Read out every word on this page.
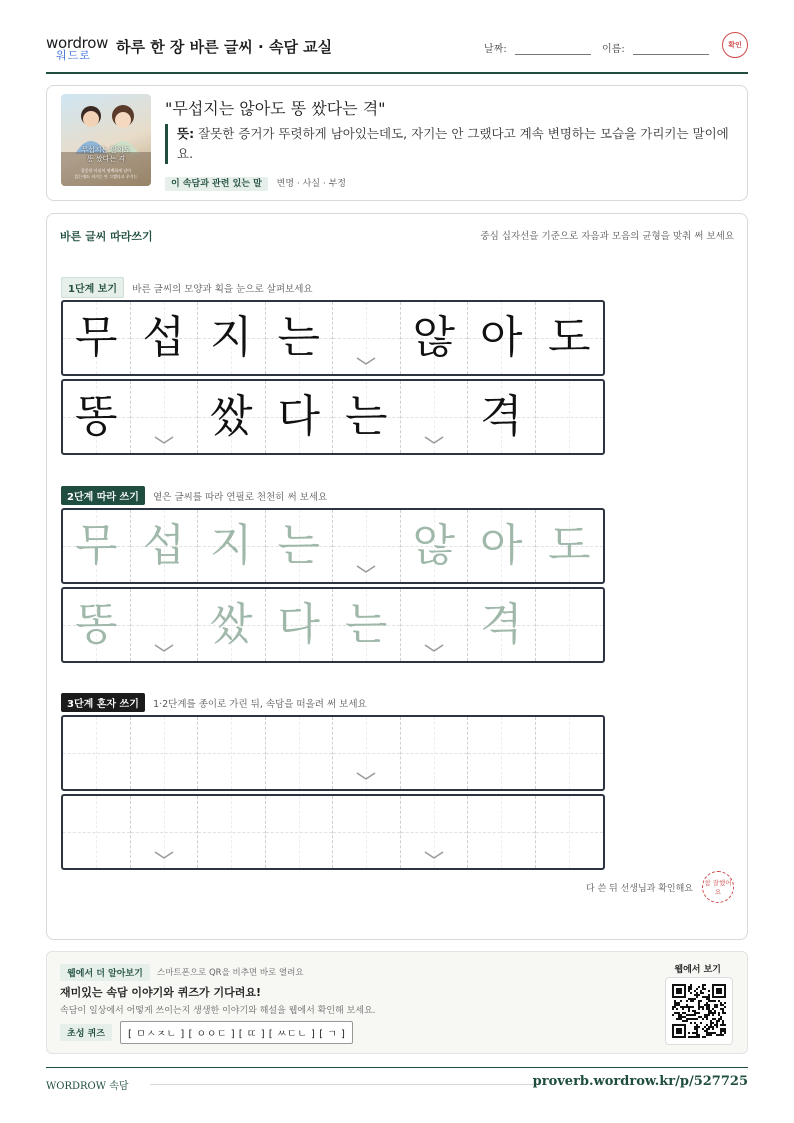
wordrow
워드로 하루 한 장 바른 글씨 · 속담 교실	날짜:	이름:	확인
무섭지는 않아도
똥 쌌다는 격
잘못한 사실이 명백하게 남아
있는데도 자기는 안 그랬다고 우기는
"무섭지는 않아도 똥 쌌다는 격"
뜻: 잘못한 증거가 뚜렷하게 남아있는데도, 자기는 안 그랬다고 계속 변명하는 모습을 가리키는 말이에요.
이 속담과 관련 있는 말 변명 · 사실 · 부정
바른 글씨 따라쓰기	중심 십자선을 기준으로 자음과 모음의 균형을 맞춰 써 보세요
1단계 보기 바른 글씨의 모양과 획을 눈으로 살펴보세요
무 섭 지 는 않 아 도
똥 쌌 다 는 격
2단계 따라 쓰기 옅은 글씨를 따라 연필로 천천히 써 보세요
무 섭 지 는 않 아 도
똥 쌌 다 는 격
3단계 혼자 쓰기 1·2단계를 종이로 가린 뒤, 속담을 떠올려 써 보세요
다 쓴 뒤 선생님과 확인해요
참 잘했어요
웹에서 더 알아보기	스마트폰으로 QR을 비추면 바로 열려요
재미있는 속담 이야기와 퀴즈가 기다려요!
속담이 일상에서 어떻게 쓰이는지 생생한 이야기와 해설을 웹에서 확인해 보세요.
초성 퀴즈	[ ㅁㅅㅈㄴ ] [ ㅇㅇㄷ ] [ ㄸ ] [ ㅆㄷㄴ ] [ ㄱ ]
웹에서 보기
WORDROW 속담	proverb.wordrow.kr/p/527725
